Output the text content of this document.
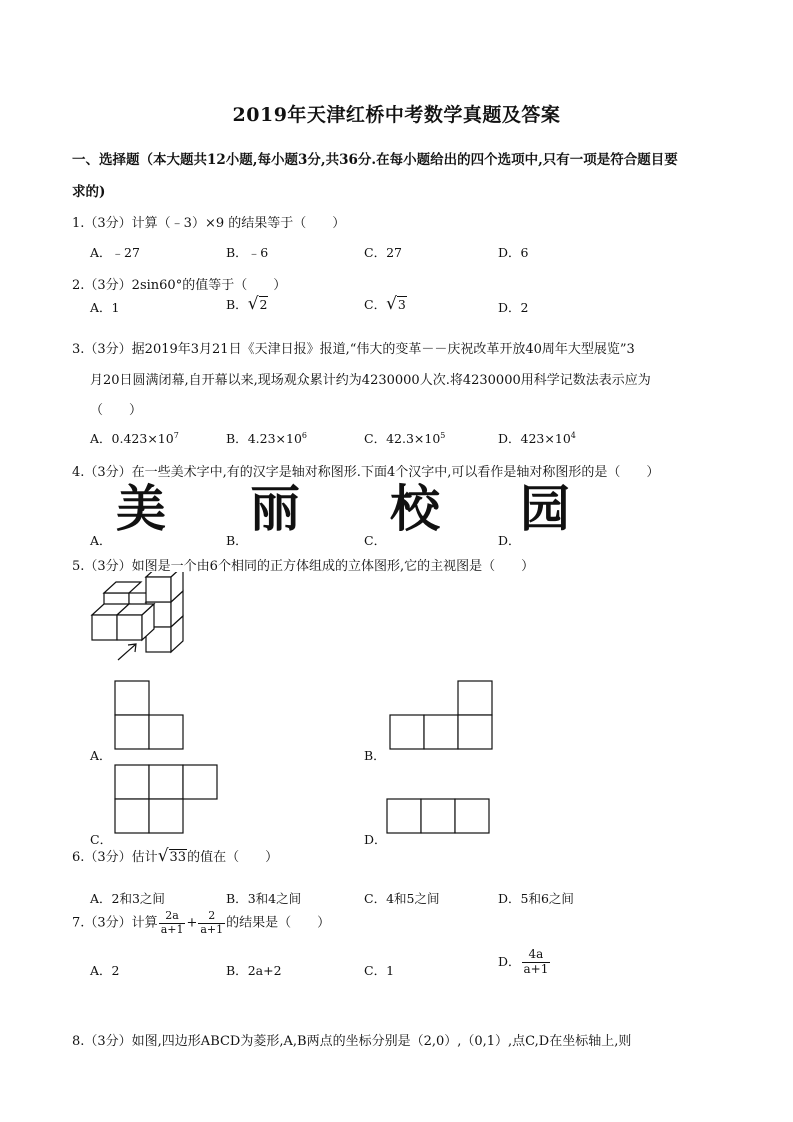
2019年天津红桥中考数学真题及答案
一、选择题（本大题共12小题,每小题3分,共36分.在每小题给出的四个选项中,只有一项是符合题目要
求的)
1.（3分）计算（﹣3）×9 的结果等于（　　）
A．﹣27	B．﹣6	C．27	D．6
2.（3分）2sin60°的值等于（　　）
A．1	B．√2	C．√3	D．2
3.（3分）据2019年3月21日《天津日报》报道,“伟大的变革－－庆祝改革开放40周年大型展览”3
月20日圆满闭幕,自开幕以来,现场观众累计约为4230000人次.将4230000用科学记数法表示应为
（　　）
A．$0.423\times 10^7$	B．$4.23\times 10^6$	C．$42.3\times 10^5$	D．$423\times 10^4$
4.（3分）在一些美术字中,有的汉字是轴对称图形.下面4个汉字中,可以看作是轴对称图形的是（　　）
美 丽 校 园
A．	B．	C．	D．
5.（3分）如图是一个由6个相同的正方体组成的立体图形,它的主视图是（　　）
A．	B．
C．	D．
6.（3分）估计√33的值在（　　）
A．2和3之间	B．3和4之间	C．4和5之间	D．5和6之间
7.（3分）计算 $\frac{2a}{a+1} + \frac{2}{a+1}$ 的结果是（　　）
A．2	B．2a+2	C．1
D． $\frac{4a}{a+1}$
8.（3分）如图,四边形ABCD为菱形,A,B两点的坐标分别是（2,0）,（0,1）,点C,D在坐标轴上,则
